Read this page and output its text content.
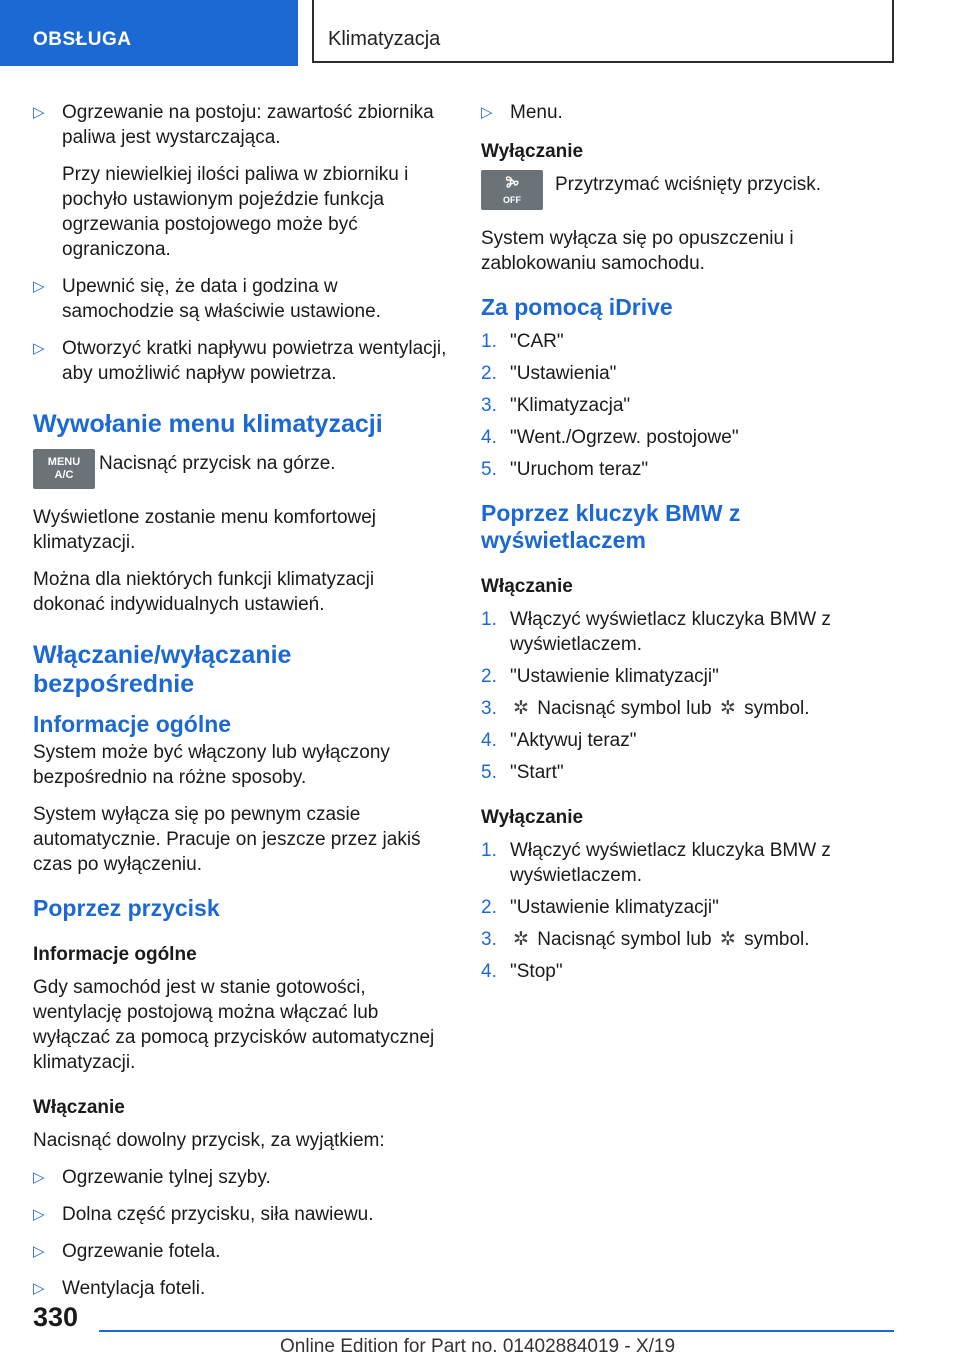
OBSŁUGA	Klimatyzacja
▷ Ogrzewanie na postoju: zawartość zbiornika paliwa jest wystarczająca.

Przy niewielkiej ilości paliwa w zbiorniku i pochyło ustawionym pojeździe funkcja ogrzewania postojowego może być ograniczona.

▷ Upewnić się, że data i godzina w samochodzie są właściwie ustawione.
▷ Otworzyć kratki napływu powietrza wentylacji, aby umożliwić napływ powietrza.
Wywołanie menu klimatyzacji
MENU
A/C
Nacisnąć przycisk na górze.

Wyświetlone zostanie menu komfortowej klimatyzacji.

Można dla niektórych funkcji klimatyzacji dokonać indywidualnych ustawień.

Włączanie/wyłączanie bezpośrednie
Informacje ogólne

System może być włączony lub wyłączony bezpośrednio na różne sposoby.

System wyłącza się po pewnym czasie automatycznie. Pracuje on jeszcze przez jakiś czas po wyłączeniu.

Poprzez przycisk
Informacje ogólne

Gdy samochód jest w stanie gotowości, wentylację postojową można włączać lub wyłączać za pomocą przycisków automatycznej klimatyzacji.

Włączanie

Nacisnąć dowolny przycisk, za wyjątkiem:

▷ Ogrzewanie tylnej szyby.
▷ Dolna część przycisku, siła nawiewu.
▷ Ogrzewanie fotela.
▷ Wentylacja foteli.
▷ Menu.
Wyłączanie
OFF
Przytrzymać wciśnięty przycisk.

System wyłącza się po opuszczeniu i zablokowaniu samochodu.

Za pomocą iDrive
1. "CAR"
2. "Ustawienia"
3. "Klimatyzacja"
4. "Went./Ogrzew. postojowe"
5. "Uruchom teraz"
Poprzez kluczyk BMW z wyświetlaczem
Włączanie
1. Włączyć wyświetlacz kluczyka BMW z wyświetlaczem.
2. "Ustawienie klimatyzacji"
3. ✲ Nacisnąć symbol lub ✲ symbol.
4. "Aktywuj teraz"
5. "Start"
Wyłączanie
1. Włączyć wyświetlacz kluczyka BMW z wyświetlaczem.
2. "Ustawienie klimatyzacji"
3. ✲ Nacisnąć symbol lub ✲ symbol.
4. "Stop"
330
Online Edition for Part no. 01402884019 - X/19
